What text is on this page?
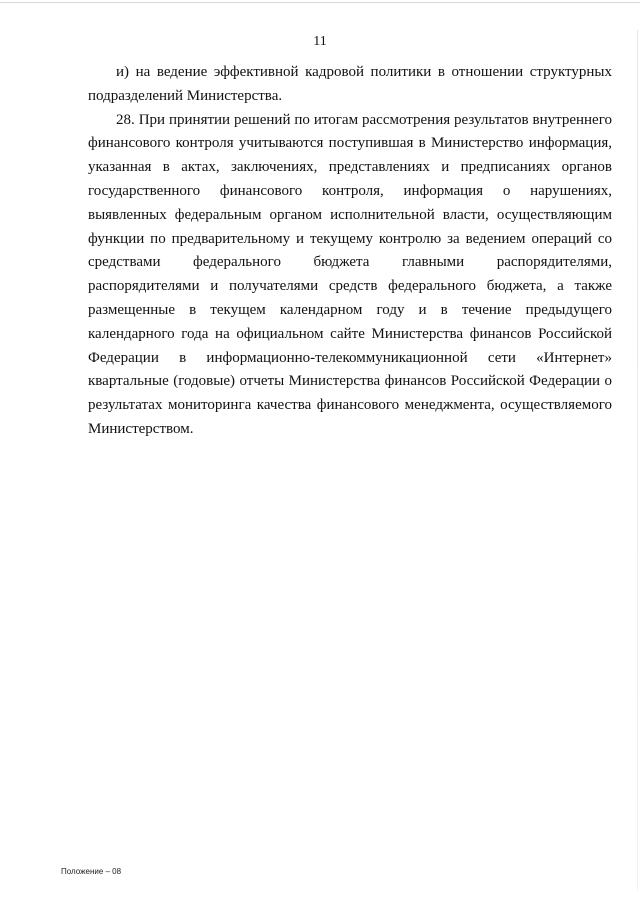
11

и) на ведение эффективной кадровой политики в отношении структурных подразделений Министерства.

28. При принятии решений по итогам рассмотрения результатов внутреннего финансового контроля учитываются поступившая в Министерство информация, указанная в актах, заключениях, представлениях и предписаниях органов государственного финансового контроля, информация о нарушениях, выявленных федеральным органом исполнительной власти, осуществляющим функции по предварительному и текущему контролю за ведением операций со средствами федерального бюджета главными распорядителями, распорядителями и получателями средств федерального бюджета, а также размещенные в текущем календарном году и в течение предыдущего календарного года на официальном сайте Министерства финансов Российской Федерации в информационно-телекоммуникационной сети «Интернет» квартальные (годовые) отчеты Министерства финансов Российской Федерации о результатах мониторинга качества финансового менеджмента, осуществляемого Министерством.

Положение – 08
